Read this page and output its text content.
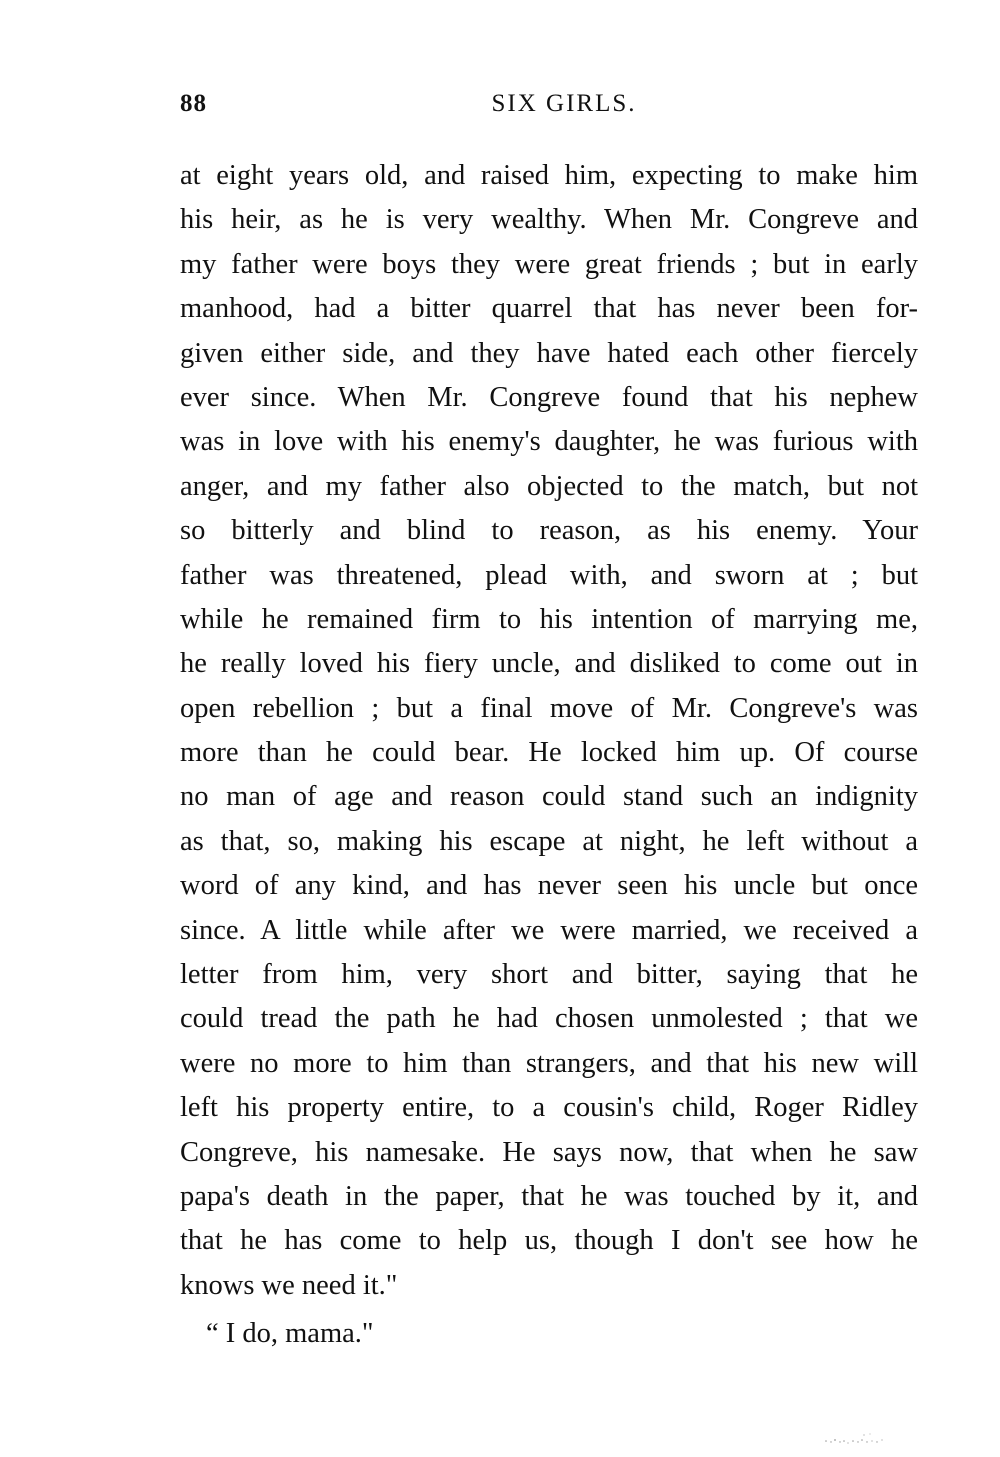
88	SIX GIRLS.
at eight years old, and raised him, expecting to make him
his heir, as he is very wealthy. When Mr. Congreve and
my father were boys they were great friends ; but in early
manhood, had a bitter quarrel that has never been for-
given either side, and they have hated each other fiercely
ever since. When Mr. Congreve found that his nephew
was in love with his enemy's daughter, he was furious with
anger, and my father also objected to the match, but not
so bitterly and blind to reason, as his enemy. Your
father was threatened, plead with, and sworn at ; but
while he remained firm to his intention of marrying me,
he really loved his fiery uncle, and disliked to come out in
open rebellion ; but a final move of Mr. Congreve's was
more than he could bear. He locked him up. Of course
no man of age and reason could stand such an indignity
as that, so, making his escape at night, he left without a
word of any kind, and has never seen his uncle but once
since. A little while after we were married, we received a
letter from him, very short and bitter, saying that he
could tread the path he had chosen unmolested ; that we
were no more to him than strangers, and that his new will
left his property entire, to a cousin's child, Roger Ridley
Congreve, his namesake. He says now, that when he saw
papa's death in the paper, that he was touched by it, and
that he has come to help us, though I don't see how he
knows we need it."
“ I do, mama."
